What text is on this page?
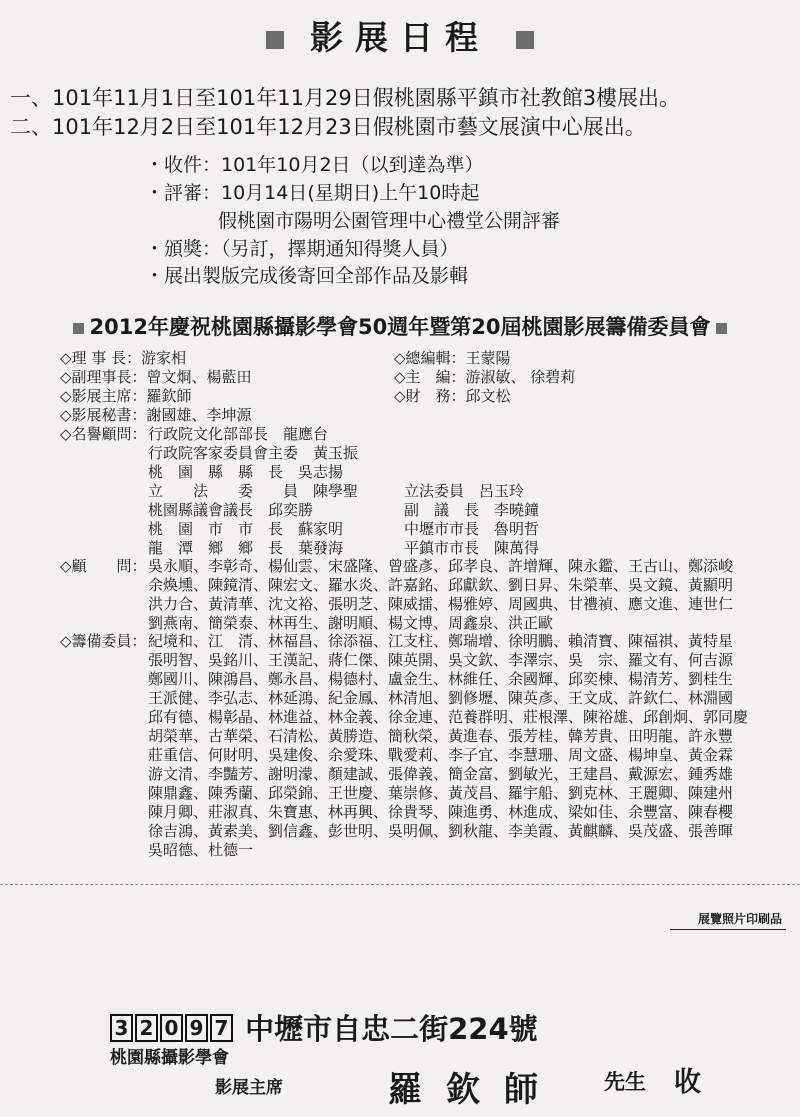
影展日程
一、101年11月1日至101年11月29日假桃園縣平鎮市社教館3樓展出。
二、101年12月2日至101年12月23日假桃園市藝文展演中心展出。
・收件：101年10月2日（以到達為準）
・評審：10月14日(星期日)上午10時起
假桃園市陽明公園管理中心禮堂公開評審
・頒獎：（另訂，擇期通知得獎人員）
・展出製版完成後寄回全部作品及影輯
2012年慶祝桃園縣攝影學會50週年暨第20屆桃園影展籌備委員會
◇理 事 長：游家相
◇副理事長：曾文烱、楊藍田
◇影展主席：羅欽師
◇影展秘書：謝國雄、李坤源
◇總編輯：王蒙陽
◇主　編：游淑敏、 徐碧莉
◇財　務：邱文松
◇名譽顧問： 行政院文化部部長　龍應台
行政院客家委員會主委　黃玉振
桃　園　縣　縣　長　吳志揚
立　　法　　委　　員　陳學聖
桃園縣議會議長　邱奕勝
桃　園　市　市　長　蘇家明
龍　潭　鄉　鄉　長　葉發海
立法委員　呂玉玲
副　議　長　李曉鐘
中壢市市長　魯明哲
平鎮市市長　陳萬得
◇顧　　問： 吳永順、李彰奇、楊仙雲、宋盛隆、曾盛彥、邱孝良、許增輝、陳永鑑、王古山、鄭添峻
余煥壎、陳鏡清、陳宏文、羅水炎、許嘉銘、邱獻欽、劉日昇、朱榮華、吳文鏡、黃顯明
洪力合、黃清華、沈文裕、張明芝、陳威擂、楊雅婷、周國典、甘禮禎、應文進、連世仁
劉燕南、簡榮泰、林再生、謝明順、楊文博、周鑫泉、洪正歐
◇籌備委員： 紀境和、江　清、林福昌、徐添福、江支柱、鄭瑞增、徐明鵬、賴清寶、陳福祺、黃特星
張明智、吳銘川、王漢記、蔣仁傑、陳英開、吳文欽、李澤宗、吳　宗、羅文有、何吉源
鄭國川、陳鴻昌、鄭永昌、楊德村、盧金生、林維任、余國輝、邱奕棟、楊清芳、劉桂生
王派健、李弘志、林延鴻、紀金鳳、林清旭、劉修壢、陳英彥、王文成、許欽仁、林淵國
邱有德、楊彰晶、林進益、林金義、徐金連、范養群明、莊根澤、陳裕雄、邱創炯、郭同慶
胡榮華、古華榮、石清松、黃勝造、簡秋榮、黃進春、張芳桂、韓芳貴、田明龍、許永豐
莊重信、何財明、吳建俊、余愛珠、戰愛莉、李子宜、李慧珊、周文盛、楊坤皇、黃金霖
游文清、李豔芳、謝明濛、顏建誠、張偉義、簡金富、劉敏光、王建昌、戴源宏、鍾秀雄
陳鼎鑫、陳秀蘭、邱榮錦、王世慶、葉崇修、黃茂昌、羅宇船、劉克林、王麗卿、陳建州
陳月卿、莊淑真、朱寶惠、林再興、徐貴琴、陳進勇、林進成、梁如佳、余豐富、陳春櫻
徐吉鴻、黃素美、劉信鑫、彭世明、吳明佩、劉秋龍、李美霞、黃麒麟、吳茂盛、張善暉
吳昭德、杜德一
展覽照片印刷品
3 2 0 9 7 中壢市自忠二街224號
桃園縣攝影學會
影展主席	羅欽師 先生 收
